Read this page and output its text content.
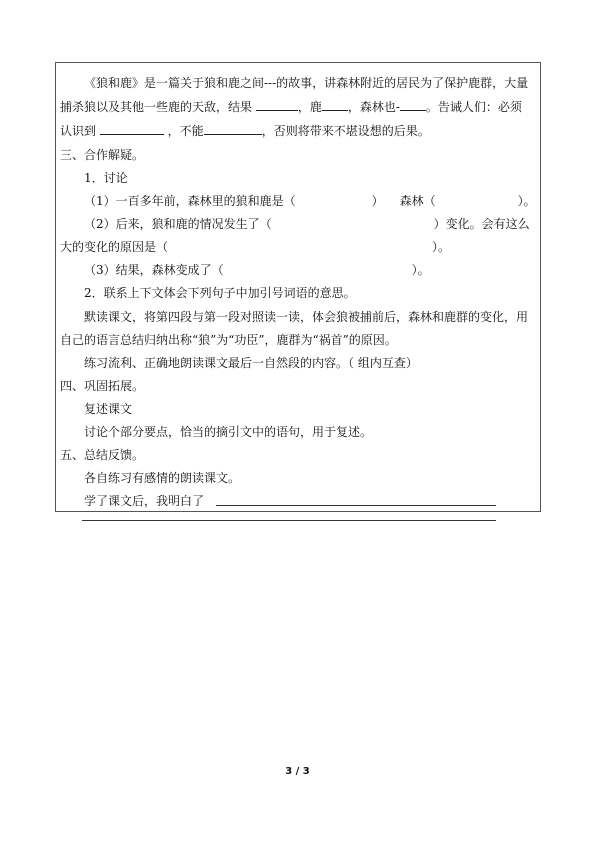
《狼和鹿》是一篇关于狼和鹿之间---的故事，讲森林附近的居民为了保护鹿群，大量
捕杀狼以及其他一些鹿的天敌，结果	，鹿 ，森林也- 。告诫人们：必须
认识到	，不能	，否则将带来不堪设想的后果。
三、合作解疑。
1．讨论
（1）一百多年前，森林里的狼和鹿是（	） 森林（	）。
（2）后来，狼和鹿的情况发生了（	）变化。会有这么
大的变化的原因是（	）。
（3）结果，森林变成了（	）。
2．联系上下文体会下列句子中加引号词语的意思。
默读课文，将第四段与第一段对照读一读，体会狼被捕前后，森林和鹿群的变化，用
自己的语言总结归纳出称“狼”为“功臣”，鹿群为“祸首”的原因。
练习流利、正确地朗读课文最后一自然段的内容。（ 组内互查）
四、巩固拓展。
复述课文
讨论个部分要点，恰当的摘引文中的语句，用于复述。
五、总结反馈。
各自练习有感情的朗读课文。
学了课文后，我明白了
3 / 3
